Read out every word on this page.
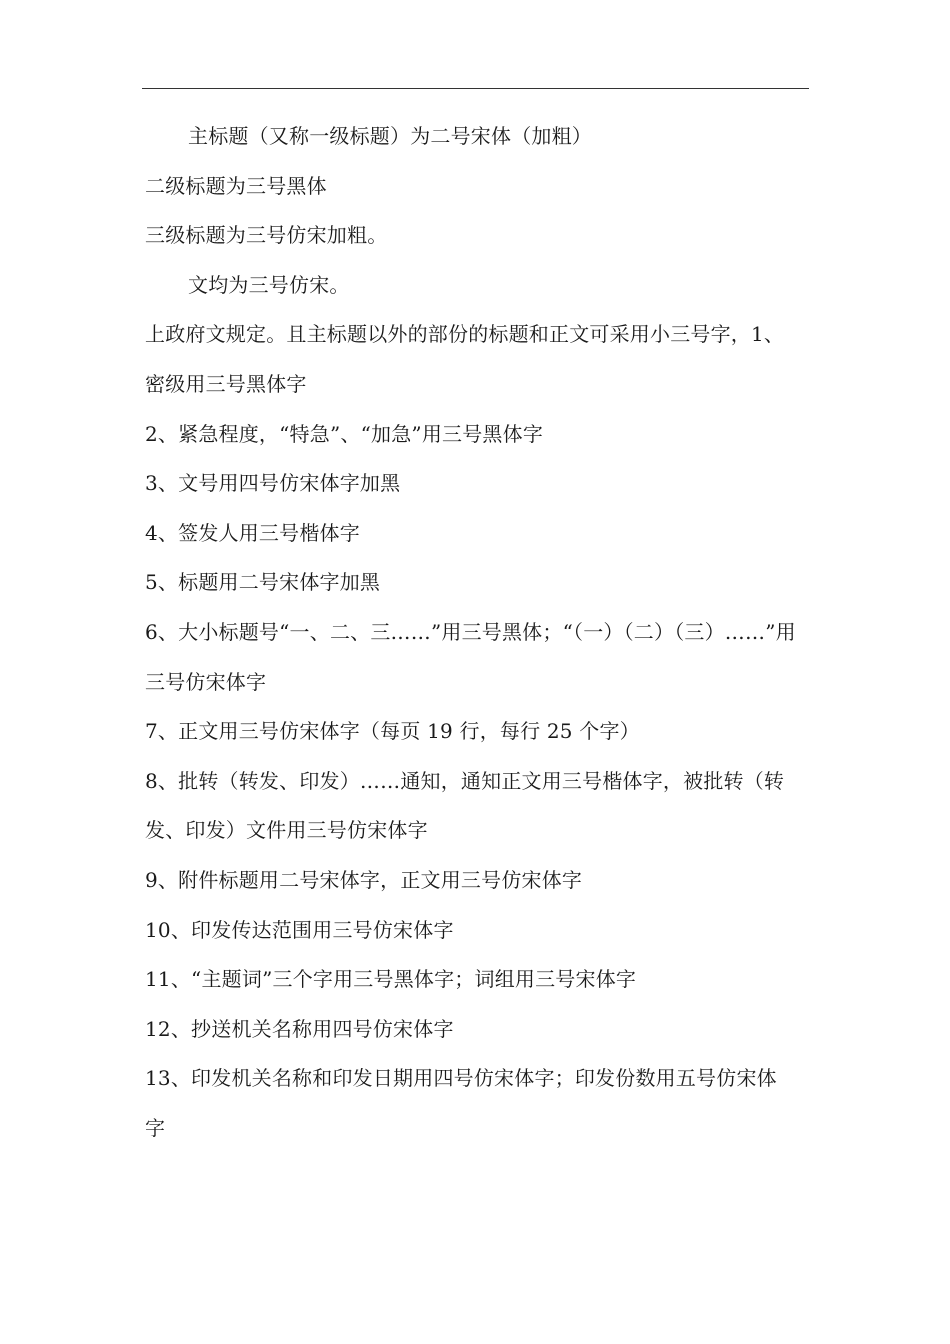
主标题（又称一级标题）为二号宋体（加粗）
二级标题为三号黑体
三级标题为三号仿宋加粗。
文均为三号仿宋。
上政府文规定。且主标题以外的部份的标题和正文可采用小三号字，1、
密级用三号黑体字
2、紧急程度，“特急”、“加急”用三号黑体字
3、文号用四号仿宋体字加黑
4、签发人用三号楷体字
5、标题用二号宋体字加黑
6、大小标题号“一、二、三……”用三号黑体；“（一）（二）（三）……”用
三号仿宋体字
7、正文用三号仿宋体字（每页 19 行，每行 25 个字）
8、批转（转发、印发）……通知，通知正文用三号楷体字，被批转（转
发、印发）文件用三号仿宋体字
9、附件标题用二号宋体字，正文用三号仿宋体字
10、印发传达范围用三号仿宋体字
11、“主题词”三个字用三号黑体字；词组用三号宋体字
12、抄送机关名称用四号仿宋体字
13、印发机关名称和印发日期用四号仿宋体字；印发份数用五号仿宋体
字
